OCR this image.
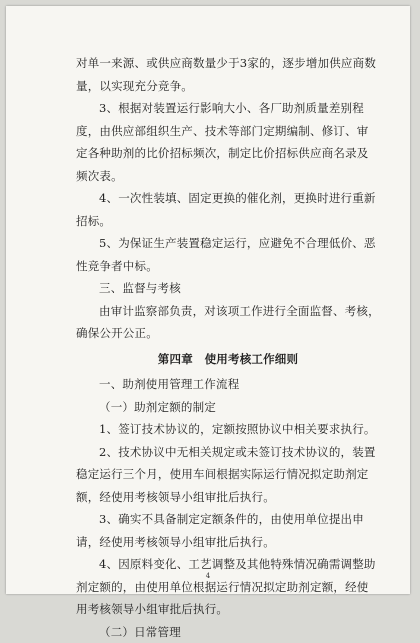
对单一来源、或供应商数量少于3家的，逐步增加供应商数量，以实现充分竞争。

3、根据对装置运行影响大小、各厂助剂质量差别程度，由供应部组织生产、技术等部门定期编制、修订、审定各种助剂的比价招标频次，制定比价招标供应商名录及频次表。

4、一次性装填、固定更换的催化剂，更换时进行重新招标。

5、为保证生产装置稳定运行，应避免不合理低价、恶性竞争者中标。

三、监督与考核

由审计监察部负责，对该项工作进行全面监督、考核，确保公开公正。

第四章　使用考核工作细则

一、助剂使用管理工作流程

（一）助剂定额的制定

1、签订技术协议的，定额按照协议中相关要求执行。

2、技术协议中无相关规定或未签订技术协议的，装置稳定运行三个月，使用车间根据实际运行情况拟定助剂定额，经使用考核领导小组审批后执行。

3、确实不具备制定定额条件的，由使用单位提出申请，经使用考核领导小组审批后执行。

4、因原料变化、工艺调整及其他特殊情况确需调整助剂定额的，由使用单位根据运行情况拟定助剂定额，经使用考核领导小组审批后执行。

（二）日常管理

4
